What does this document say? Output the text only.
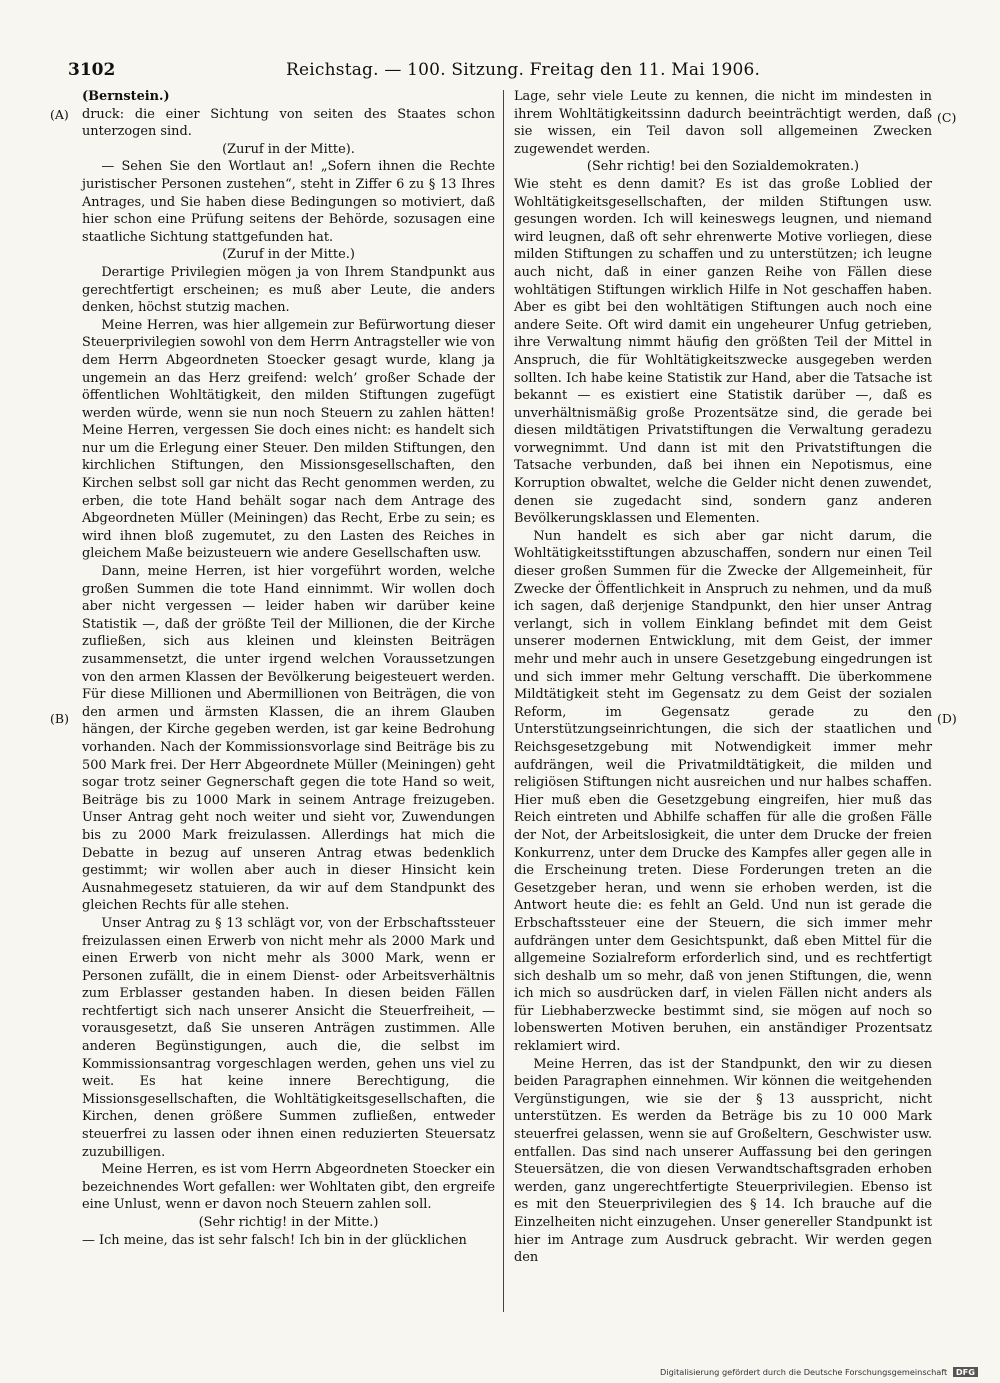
3102	Reichstag. — 100. Sitzung. Freitag den 11. Mai 1906.
(A)
(B)
(C)
(D)

(Bernstein.)

druck: die einer Sichtung von seiten des Staates schon unterzogen sind.

(Zuruf in der Mitte).

— Sehen Sie den Wortlaut an! „Sofern ihnen die Rechte juristischer Personen zustehen“, steht in Ziffer 6 zu § 13 Ihres Antrages, und Sie haben diese Bedingungen so motiviert, daß hier schon eine Prüfung seitens der Behörde, sozusagen eine staatliche Sichtung stattgefunden hat.

(Zuruf in der Mitte.)

Derartige Privilegien mögen ja von Ihrem Standpunkt aus gerechtfertigt erscheinen; es muß aber Leute, die anders denken, höchst stutzig machen.

Meine Herren, was hier allgemein zur Befürwortung dieser Steuerprivilegien sowohl von dem Herrn Antragsteller wie von dem Herrn Abgeordneten Stoecker gesagt wurde, klang ja ungemein an das Herz greifend: welch’ großer Schade der öffentlichen Wohltätigkeit, den milden Stiftungen zugefügt werden würde, wenn sie nun noch Steuern zu zahlen hätten! Meine Herren, vergessen Sie doch eines nicht: es handelt sich nur um die Erlegung einer Steuer. Den milden Stiftungen, den kirchlichen Stiftungen, den Missionsgesellschaften, den Kirchen selbst soll gar nicht das Recht genommen werden, zu erben, die tote Hand behält sogar nach dem Antrage des Abgeordneten Müller (Meiningen) das Recht, Erbe zu sein; es wird ihnen bloß zugemutet, zu den Lasten des Reiches in gleichem Maße beizusteuern wie andere Gesellschaften usw.

Dann, meine Herren, ist hier vorgeführt worden, welche großen Summen die tote Hand einnimmt. Wir wollen doch aber nicht vergessen — leider haben wir darüber keine Statistik —, daß der größte Teil der Millionen, die der Kirche zufließen, sich aus kleinen und kleinsten Beiträgen zusammensetzt, die unter irgend welchen Voraussetzungen von den armen Klassen der Bevölkerung beigesteuert werden. Für diese Millionen und Abermillionen von Beiträgen, die von den armen und ärmsten Klassen, die an ihrem Glauben hängen, der Kirche gegeben werden, ist gar keine Bedrohung vorhanden. Nach der Kommissionsvorlage sind Beiträge bis zu 500 Mark frei. Der Herr Abgeordnete Müller (Meiningen) geht sogar trotz seiner Gegnerschaft gegen die tote Hand so weit, Beiträge bis zu 1000 Mark in seinem Antrage freizugeben. Unser Antrag geht noch weiter und sieht vor, Zuwendungen bis zu 2000 Mark freizulassen. Allerdings hat mich die Debatte in bezug auf unseren Antrag etwas bedenklich gestimmt; wir wollen aber auch in dieser Hinsicht kein Ausnahmegesetz statuieren, da wir auf dem Standpunkt des gleichen Rechts für alle stehen.

Unser Antrag zu § 13 schlägt vor, von der Erbschaftssteuer freizulassen einen Erwerb von nicht mehr als 2000 Mark und einen Erwerb von nicht mehr als 3000 Mark, wenn er Personen zufällt, die in einem Dienst- oder Arbeitsverhältnis zum Erblasser gestanden haben. In diesen beiden Fällen rechtfertigt sich nach unserer Ansicht die Steuerfreiheit, — vorausgesetzt, daß Sie unseren Anträgen zustimmen. Alle anderen Begünstigungen, auch die, die selbst im Kommissionsantrag vorgeschlagen werden, gehen uns viel zu weit. Es hat keine innere Berechtigung, die Missionsgesellschaften, die Wohltätigkeitsgesellschaften, die Kirchen, denen größere Summen zufließen, entweder steuerfrei zu lassen oder ihnen einen reduzierten Steuersatz zuzubilligen.

Meine Herren, es ist vom Herrn Abgeordneten Stoecker ein bezeichnendes Wort gefallen: wer Wohltaten gibt, den ergreife eine Unlust, wenn er davon noch Steuern zahlen soll.

(Sehr richtig! in der Mitte.)

— Ich meine, das ist sehr falsch! Ich bin in der glücklichen

Lage, sehr viele Leute zu kennen, die nicht im mindesten in ihrem Wohltätigkeitssinn dadurch beeinträchtigt werden, daß sie wissen, ein Teil davon soll allgemeinen Zwecken zugewendet werden.

(Sehr richtig! bei den Sozialdemokraten.)

Wie steht es denn damit? Es ist das große Loblied der Wohltätigkeitsgesellschaften, der milden Stiftungen usw. gesungen worden. Ich will keineswegs leugnen, und niemand wird leugnen, daß oft sehr ehrenwerte Motive vorliegen, diese milden Stiftungen zu schaffen und zu unterstützen; ich leugne auch nicht, daß in einer ganzen Reihe von Fällen diese wohltätigen Stiftungen wirklich Hilfe in Not geschaffen haben. Aber es gibt bei den wohltätigen Stiftungen auch noch eine andere Seite. Oft wird damit ein ungeheurer Unfug getrieben, ihre Verwaltung nimmt häufig den größten Teil der Mittel in Anspruch, die für Wohltätigkeitszwecke ausgegeben werden sollten. Ich habe keine Statistik zur Hand, aber die Tatsache ist bekannt — es existiert eine Statistik darüber —, daß es unverhältnismäßig große Prozentsätze sind, die gerade bei diesen mildtätigen Privatstiftungen die Verwaltung geradezu vorwegnimmt. Und dann ist mit den Privatstiftungen die Tatsache verbunden, daß bei ihnen ein Nepotismus, eine Korruption obwaltet, welche die Gelder nicht denen zuwendet, denen sie zugedacht sind, sondern ganz anderen Bevölkerungsklassen und Elementen.

Nun handelt es sich aber gar nicht darum, die Wohltätigkeitsstiftungen abzuschaffen, sondern nur einen Teil dieser großen Summen für die Zwecke der Allgemeinheit, für Zwecke der Öffentlichkeit in Anspruch zu nehmen, und da muß ich sagen, daß derjenige Standpunkt, den hier unser Antrag verlangt, sich in vollem Einklang befindet mit dem Geist unserer modernen Entwicklung, mit dem Geist, der immer mehr und mehr auch in unsere Gesetzgebung eingedrungen ist und sich immer mehr Geltung verschafft. Die überkommene Mildtätigkeit steht im Gegensatz zu dem Geist der sozialen Reform, im Gegensatz gerade zu den Unterstützungseinrichtungen, die sich der staatlichen und Reichsgesetzgebung mit Notwendigkeit immer mehr aufdrängen, weil die Privatmildtätigkeit, die milden und religiösen Stiftungen nicht ausreichen und nur halbes schaffen. Hier muß eben die Gesetzgebung eingreifen, hier muß das Reich eintreten und Abhilfe schaffen für alle die großen Fälle der Not, der Arbeitslosigkeit, die unter dem Drucke der freien Konkurrenz, unter dem Drucke des Kampfes aller gegen alle in die Erscheinung treten. Diese Forderungen treten an die Gesetzgeber heran, und wenn sie erhoben werden, ist die Antwort heute die: es fehlt an Geld. Und nun ist gerade die Erbschaftssteuer eine der Steuern, die sich immer mehr aufdrängen unter dem Gesichtspunkt, daß eben Mittel für die allgemeine Sozialreform erforderlich sind, und es rechtfertigt sich deshalb um so mehr, daß von jenen Stiftungen, die, wenn ich mich so ausdrücken darf, in vielen Fällen nicht anders als für Liebhaberzwecke bestimmt sind, sie mögen auf noch so lobenswerten Motiven beruhen, ein anständiger Prozentsatz reklamiert wird.

Meine Herren, das ist der Standpunkt, den wir zu diesen beiden Paragraphen einnehmen. Wir können die weitgehenden Vergünstigungen, wie sie der § 13 ausspricht, nicht unterstützen. Es werden da Beträge bis zu 10 000 Mark steuerfrei gelassen, wenn sie auf Großeltern, Geschwister usw. entfallen. Das sind nach unserer Auffassung bei den geringen Steuersätzen, die von diesen Verwandtschaftsgraden erhoben werden, ganz ungerechtfertigte Steuerprivilegien. Ebenso ist es mit den Steuerprivilegien des § 14. Ich brauche auf die Einzelheiten nicht einzugehen. Unser genereller Standpunkt ist hier im Antrage zum Ausdruck gebracht. Wir werden gegen den

Digitalisierung gefördert durch die Deutsche Forschungsgemeinschaft DFG
